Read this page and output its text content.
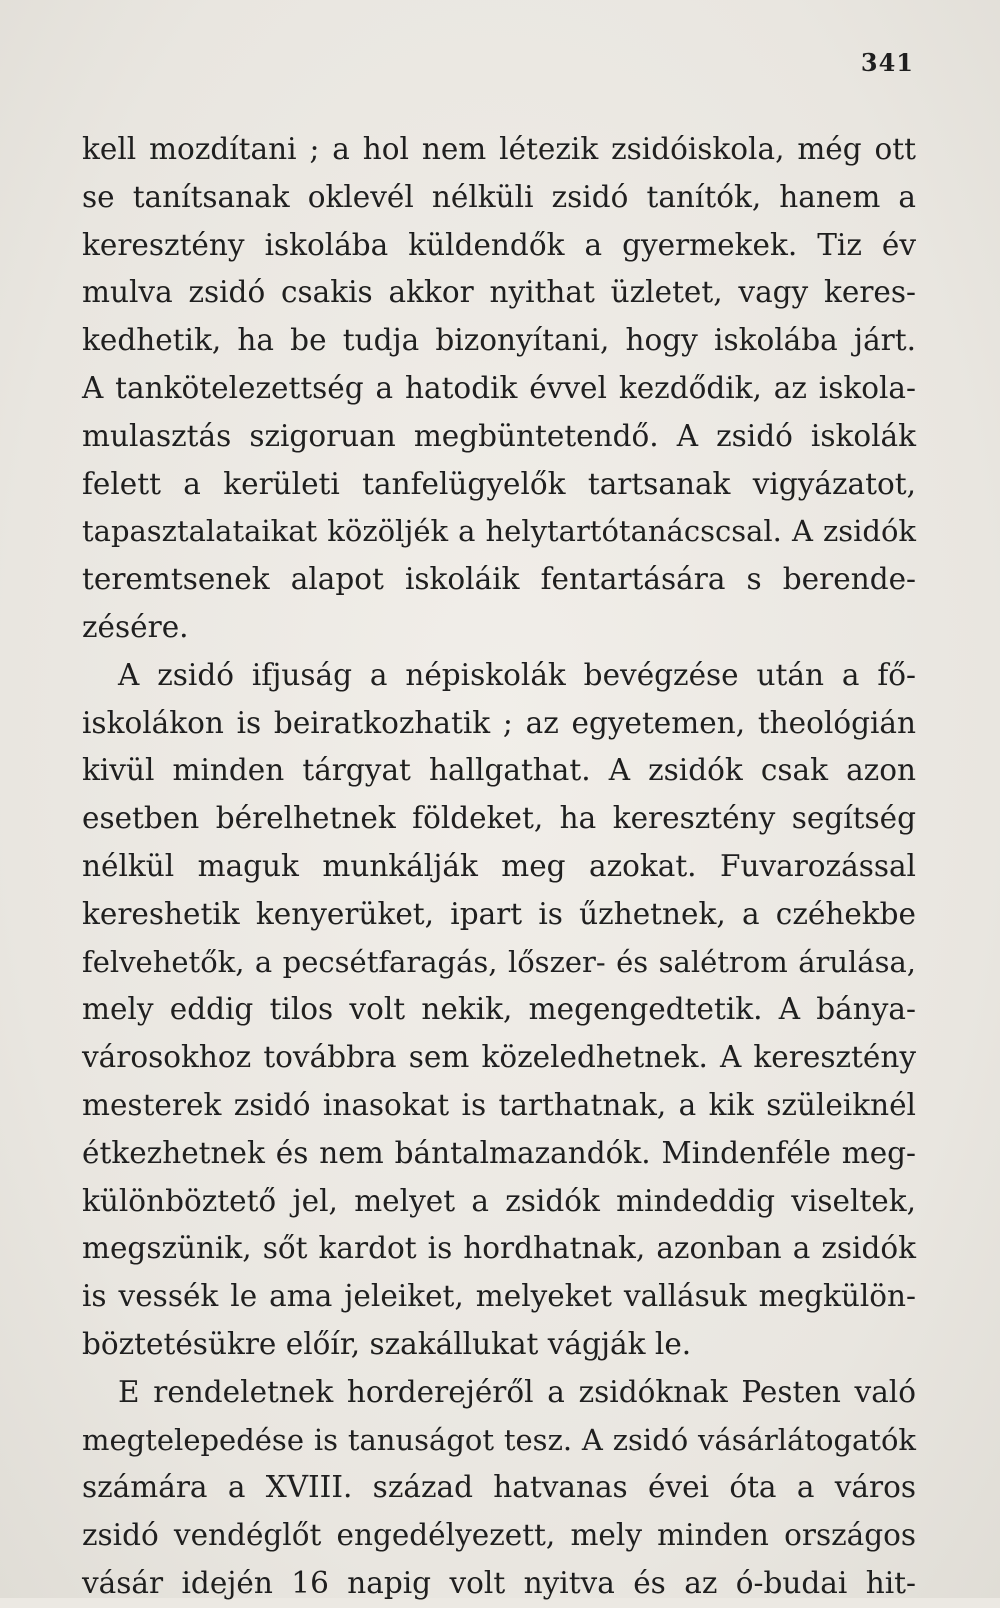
341
kell mozdítani ; a hol nem létezik zsidóiskola, még ott
se tanítsanak oklevél nélküli zsidó tanítók, hanem a
keresztény iskolába küldendők a gyermekek. Tiz év
mulva zsidó csakis akkor nyithat üzletet, vagy keres-
kedhetik, ha be tudja bizonyítani, hogy iskolába járt.
A tankötelezettség a hatodik évvel kezdődik, az iskola-
mulasztás szigoruan megbüntetendő. A zsidó iskolák
felett a kerületi tanfelügyelők tartsanak vigyázatot,
tapasztalataikat közöljék a helytartótanácscsal. A zsidók
teremtsenek alapot iskoláik fentartására s berende-
zésére.
A zsidó ifjuság a népiskolák bevégzése után a fő-
iskolákon is beiratkozhatik ; az egyetemen, theológián
kivül minden tárgyat hallgathat. A zsidók csak azon
esetben bérelhetnek földeket, ha keresztény segítség
nélkül maguk munkálják meg azokat. Fuvarozással
kereshetik kenyerüket, ipart is űzhetnek, a czéhekbe
felvehetők, a pecsétfaragás, lőszer- és salétrom árulása,
mely eddig tilos volt nekik, megengedtetik. A bánya-
városokhoz továbbra sem közeledhetnek. A keresztény
mesterek zsidó inasokat is tarthatnak, a kik szüleiknél
étkezhetnek és nem bántalmazandók. Mindenféle meg-
különböztető jel, melyet a zsidók mindeddig viseltek,
megszünik, sőt kardot is hordhatnak, azonban a zsidók
is vessék le ama jeleiket, melyeket vallásuk megkülön-
böztetésükre előír, szakállukat vágják le.
E rendeletnek horderejéről a zsidóknak Pesten való
megtelepedése is tanuságot tesz. A zsidó vásárlátogatók
számára a XVIII. század hatvanas évei óta a város
zsidó vendéglőt engedélyezett, mely minden országos
vásár idején 16 napig volt nyitva és az ó-budai hit-
